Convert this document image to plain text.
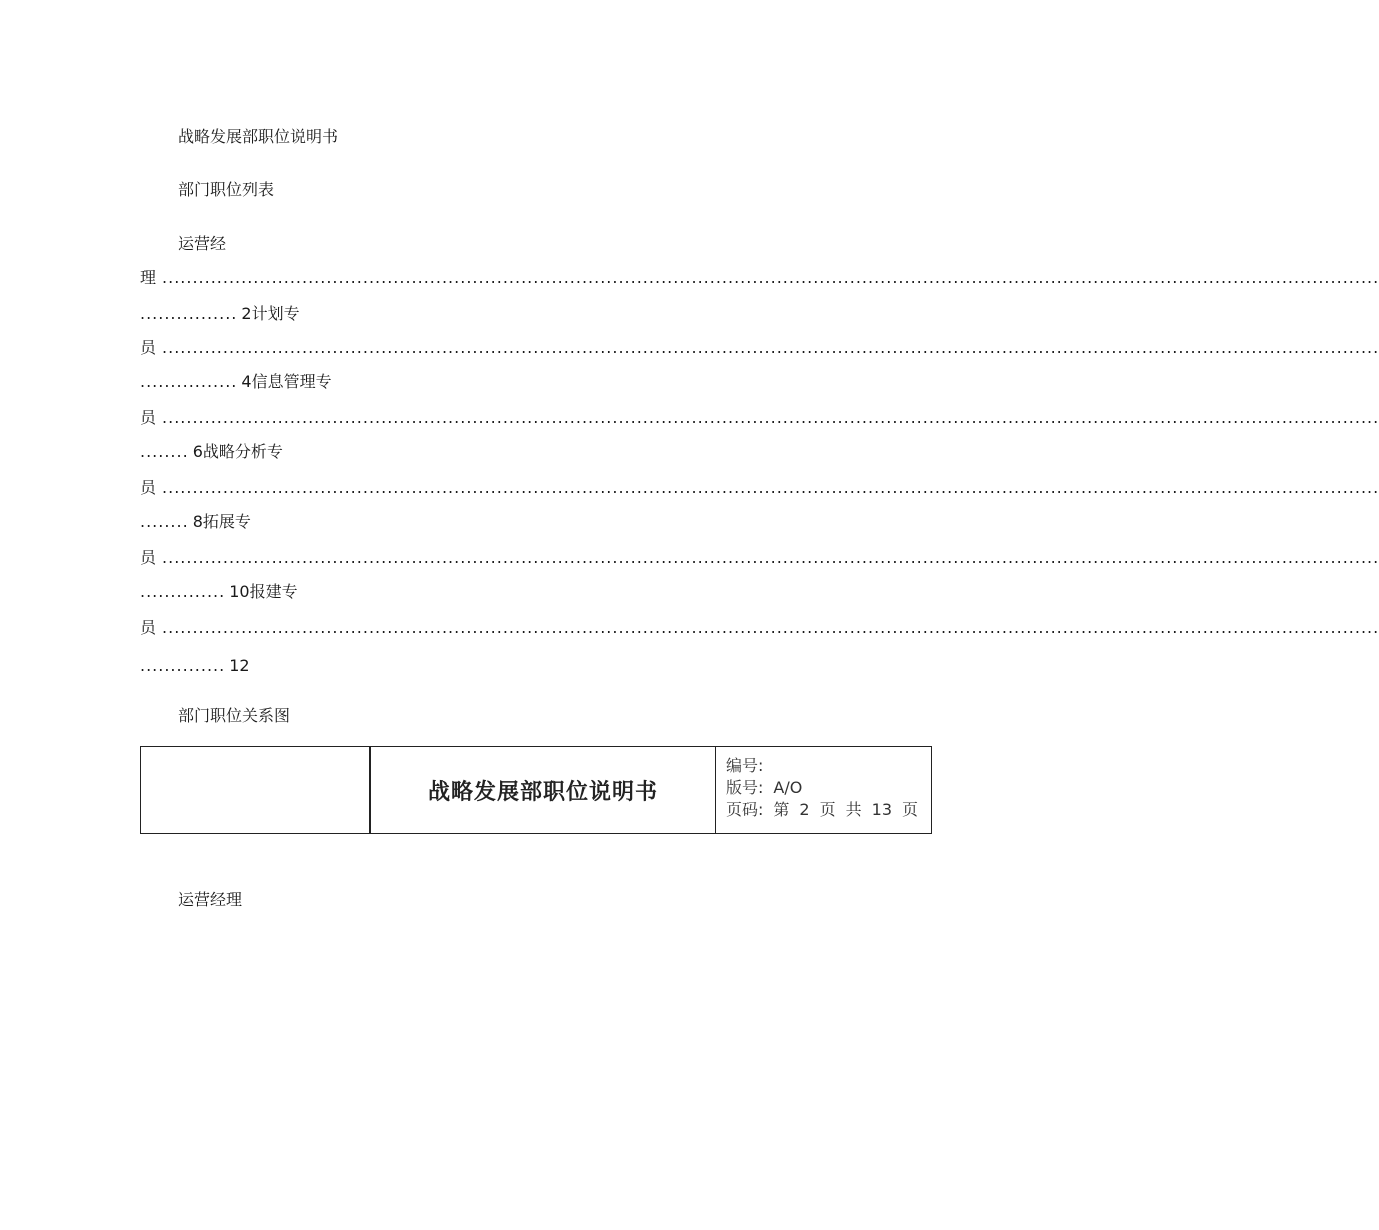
战略发展部职位说明书
部门职位列表
运营经
理 ........................................................................................................................................................................................................
................ 2计划专
员 ........................................................................................................................................................................................................
................ 4信息管理专
员 ........................................................................................................................................................................................................
........ 6战略分析专
员 ........................................................................................................................................................................................................
........ 8拓展专
员 ........................................................................................................................................................................................................
.............. 10报建专
员 ........................................................................................................................................................................................................
.............. 12
部门职位关系图
战略发展部职位说明书
编号:
版号: A/O
页码: 第 2 页 共 13 页
运营经理
